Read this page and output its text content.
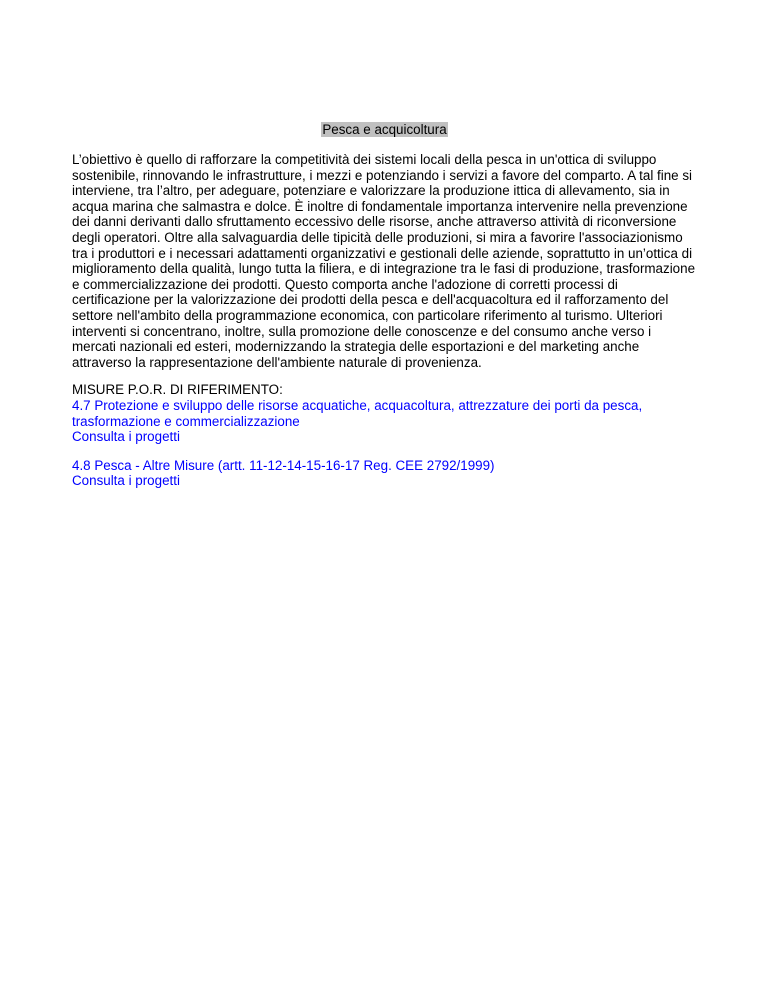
Pesca e acquicoltura

L’obiettivo è quello di rafforzare la competitività dei sistemi locali della pesca in un'ottica di sviluppo sostenibile, rinnovando le infrastrutture, i mezzi e potenziando i servizi a favore del comparto. A tal fine si interviene, tra l’altro, per adeguare, potenziare e valorizzare la produzione ittica di allevamento, sia in acqua marina che salmastra e dolce. È inoltre di fondamentale importanza intervenire nella prevenzione dei danni derivanti dallo sfruttamento eccessivo delle risorse, anche attraverso attività di riconversione degli operatori. Oltre alla salvaguardia delle tipicità delle produzioni, si mira a favorire l'associazionismo tra i produttori e i necessari adattamenti organizzativi e gestionali delle aziende, soprattutto in un’ottica di miglioramento della qualità, lungo tutta la filiera, e di integrazione tra le fasi di produzione, trasformazione e commercializzazione dei prodotti. Questo comporta anche l'adozione di corretti processi di certificazione per la valorizzazione dei prodotti della pesca e dell'acquacoltura ed il rafforzamento del settore nell'ambito della programmazione economica, con particolare riferimento al turismo. Ulteriori interventi si concentrano, inoltre, sulla promozione delle conoscenze e del consumo anche verso i mercati nazionali ed esteri, modernizzando la strategia delle esportazioni e del marketing anche attraverso la rappresentazione dell'ambiente naturale di provenienza.

MISURE P.O.R. DI RIFERIMENTO:

4.7 Protezione e sviluppo delle risorse acquatiche, acquacoltura, attrezzature dei porti da pesca, trasformazione e commercializzazione
Consulta i progetti
4.8 Pesca - Altre Misure (artt. 11-12-14-15-16-17 Reg. CEE 2792/1999)
Consulta i progetti
